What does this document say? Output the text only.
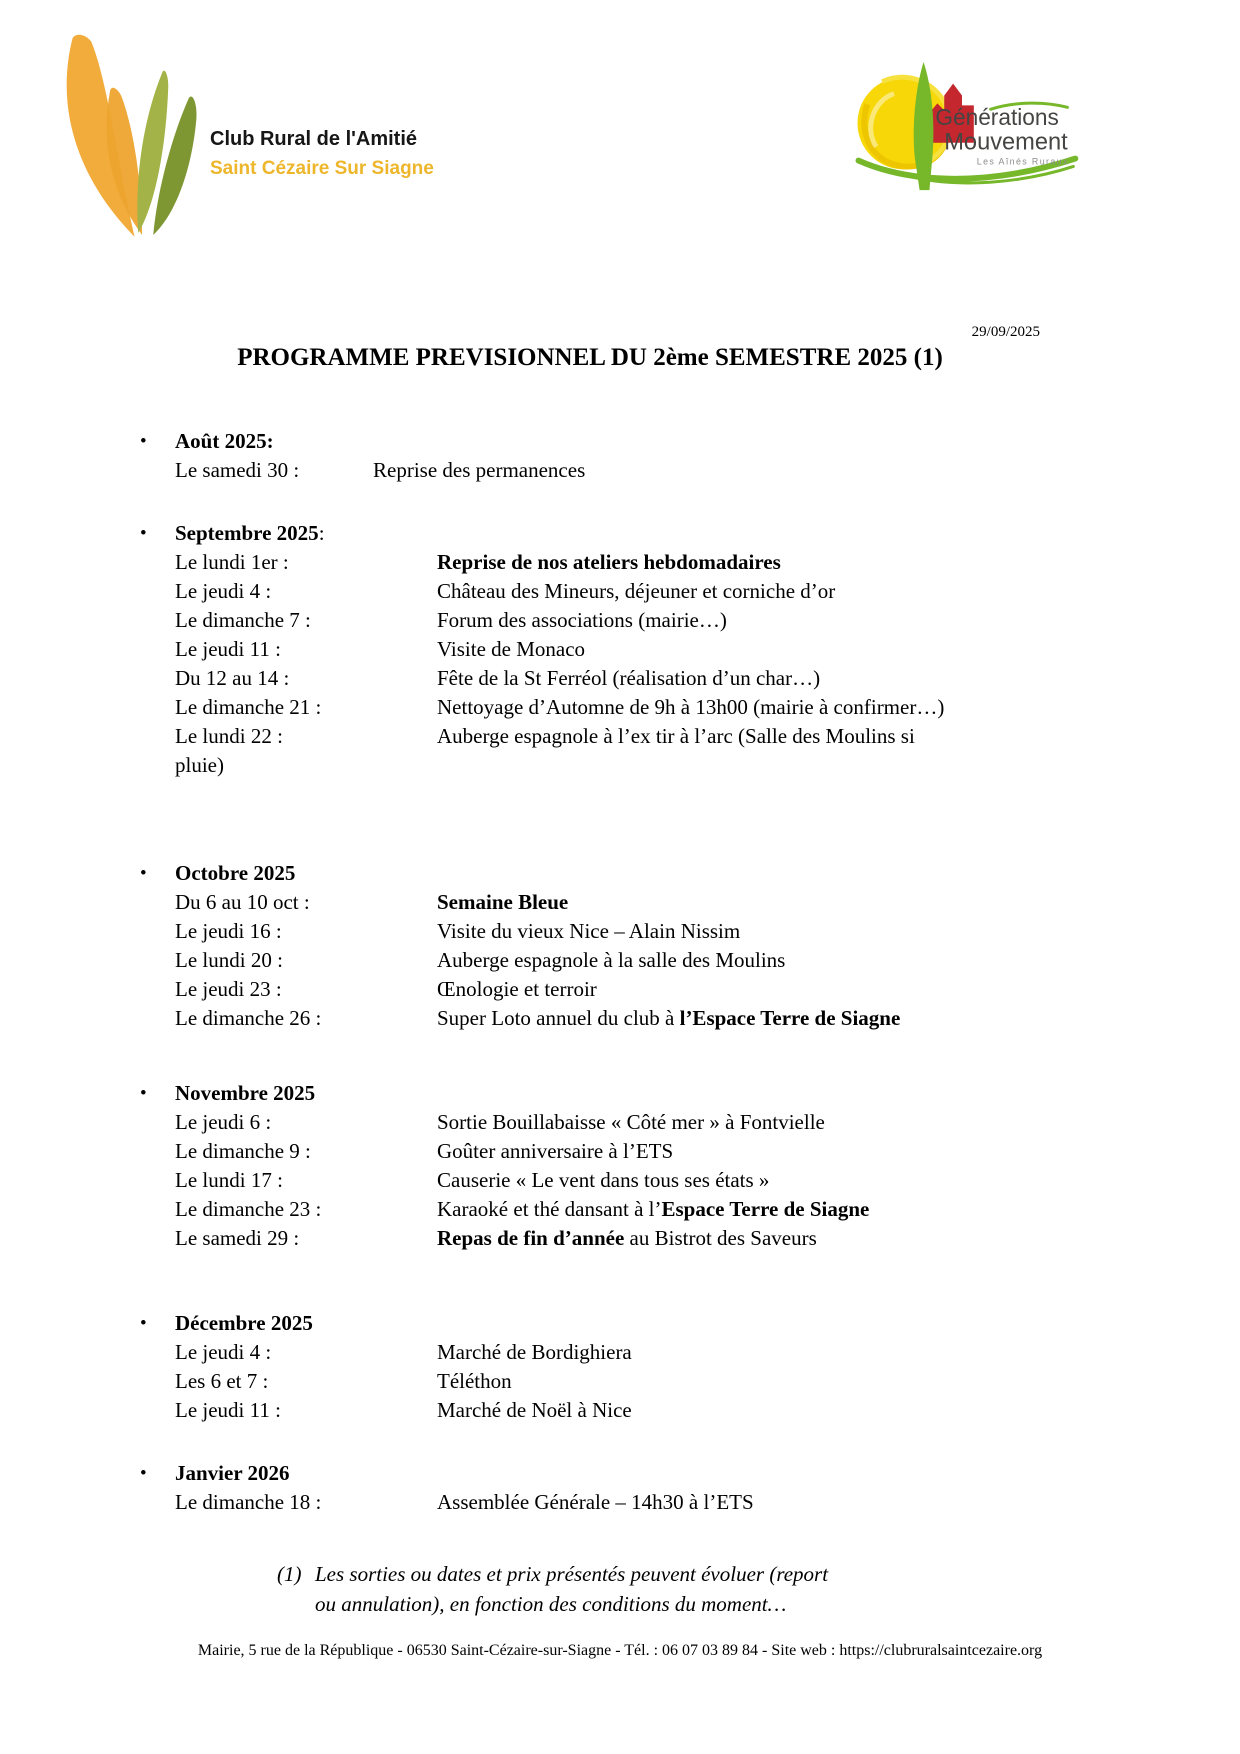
Club Rural de l'Amitié
Saint Cézaire Sur Siagne
Générations
Mouvement
Les Aînés Ruraux
29/09/2025
PROGRAMME PREVISIONNEL DU 2ème SEMESTRE 2025 (1)
•	Août 2025:
Le samedi 30 :	Reprise des permanences
•	Septembre 2025 :
Le lundi 1er :	Reprise de nos ateliers hebdomadaires
Le jeudi 4 :	Château des Mineurs, déjeuner et corniche d’or
Le dimanche 7 :	Forum des associations (mairie…)
Le jeudi 11 :	Visite de Monaco
Du 12 au 14 :	Fête de la St Ferréol (réalisation d’un char…)
Le dimanche 21 :	Nettoyage d’Automne de 9h à 13h00 (mairie à confirmer…)
Le lundi 22 :	Auberge espagnole à l’ex tir à l’arc (Salle des Moulins si
pluie)
•	Octobre 2025
Du 6 au 10 oct :	Semaine Bleue
Le jeudi 16 :	Visite du vieux Nice – Alain Nissim
Le lundi 20 :	Auberge espagnole à la salle des Moulins
Le jeudi 23 :	Œnologie et terroir
Le dimanche 26 :	Super Loto annuel du club à l’Espace Terre de Siagne
•	Novembre 2025
Le jeudi 6 :	Sortie Bouillabaisse « Côté mer » à Fontvielle
Le dimanche 9 :	Goûter anniversaire à l’ETS
Le lundi 17 :	Causerie « Le vent dans tous ses états »
Le dimanche 23 :	Karaoké et thé dansant à l’Espace Terre de Siagne
Le samedi 29 :	Repas de fin d’année au Bistrot des Saveurs
•	Décembre 2025
Le jeudi 4 :	Marché de Bordighiera
Les 6 et 7 :	Téléthon
Le jeudi 11 :	Marché de Noël à Nice
•	Janvier 2026
Le dimanche 18 :	Assemblée Générale – 14h30 à l’ETS
(1) Les sorties ou dates et prix présentés peuvent évoluer (report ou annulation), en fonction des conditions du moment…
Mairie, 5 rue de la République - 06530 Saint-Cézaire-sur-Siagne - Tél. : 06 07 03 89 84 - Site web : https://clubruralsaintcezaire.org
